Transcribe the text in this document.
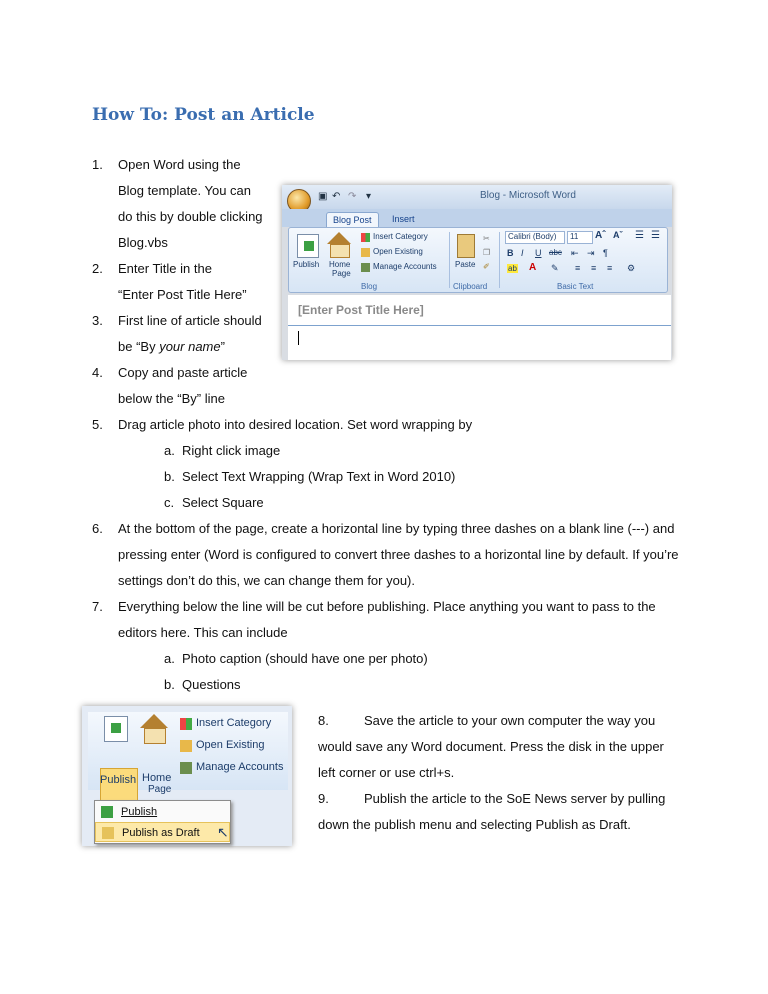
How To: Post an Article
1.	Open Word using the
Blog template. You can
do this by double clicking
Blog.vbs
2.	Enter Title in the
“Enter Post Title Here”
3.	First line of article should
be “By your name”
4.	Copy and paste article
below the “By” line
5.	Drag article photo into desired location. Set word wrapping by
a. Right click image
b. Select Text Wrapping (Wrap Text in Word 2010)
c. Select Square
6.	At the bottom of the page, create a horizontal line by typing three dashes on a blank line (---) and
pressing enter (Word is configured to convert three dashes to a horizontal line by default. If you’re
settings don’t do this, we can change them for you).
7.	Everything below the line will be cut before publishing. Place anything you want to pass to the
editors here. This can include
a. Photo caption (should have one per photo)
b. Questions
8.	Save the article to your own computer the way you
would save any Word document. Press the disk in the upper
left corner or use ctrl+s.
9.	Publish the article to the SoE News server by pulling
down the publish menu and selecting Publish as Draft.
▣ ↶ ↷ ▾	Blog - Microsoft Word
Blog Post	Insert
Publish Home
Page
Insert Category
Open Existing
Manage Accounts
Blog
Paste
✂
❐
✐
Clipboard
Calibri (Body)	11	Aˆ Aˇ ☰ ☰
B I U abc ⇤ ⇥ ¶
ab A ✎ ≡ ≡ ≡ ⚙
Basic Text
[Enter Post Title Here]
Publish Home
Page
Insert Category
Open Existing
Manage Accounts
Publish
Publish as Draft ↖
